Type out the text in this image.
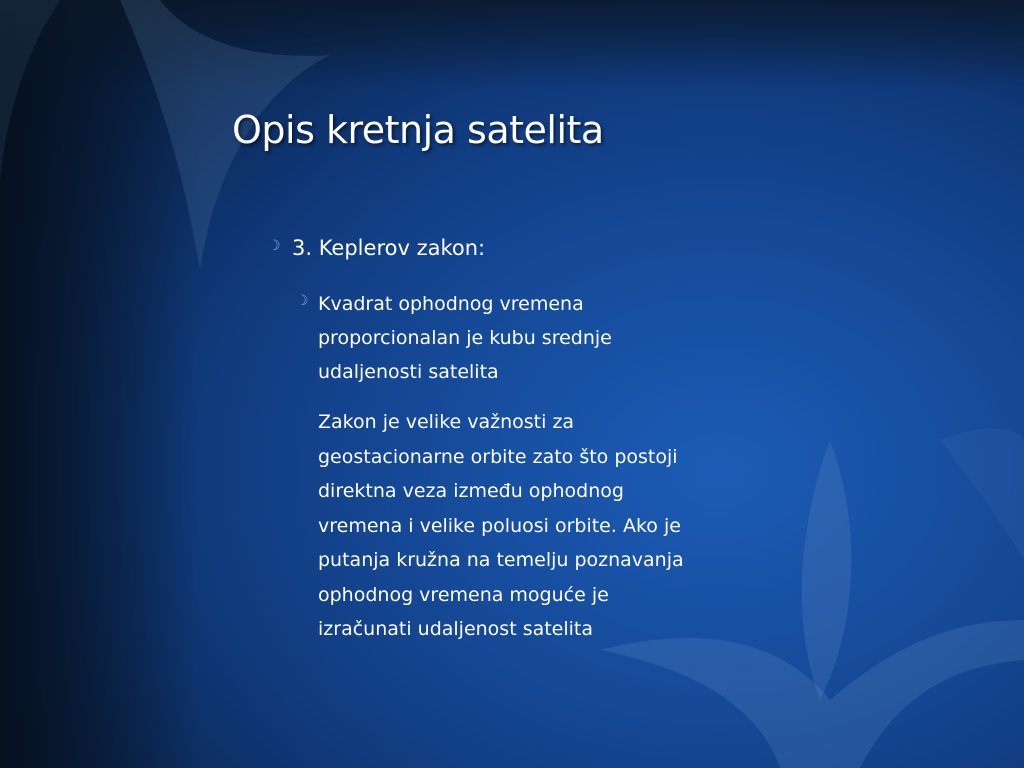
Opis kretnja satelita
☽ 3. Keplerov zakon:
☽ Kvadrat ophodnog vremena
proporcionalan je kubu srednje
udaljenosti satelita

Zakon je velike važnosti za
geostacionarne orbite zato što postoji
direktna veza između ophodnog
vremena i velike poluosi orbite. Ako je
putanja kružna na temelju poznavanja
ophodnog vremena moguće je
izračunati udaljenost satelita
